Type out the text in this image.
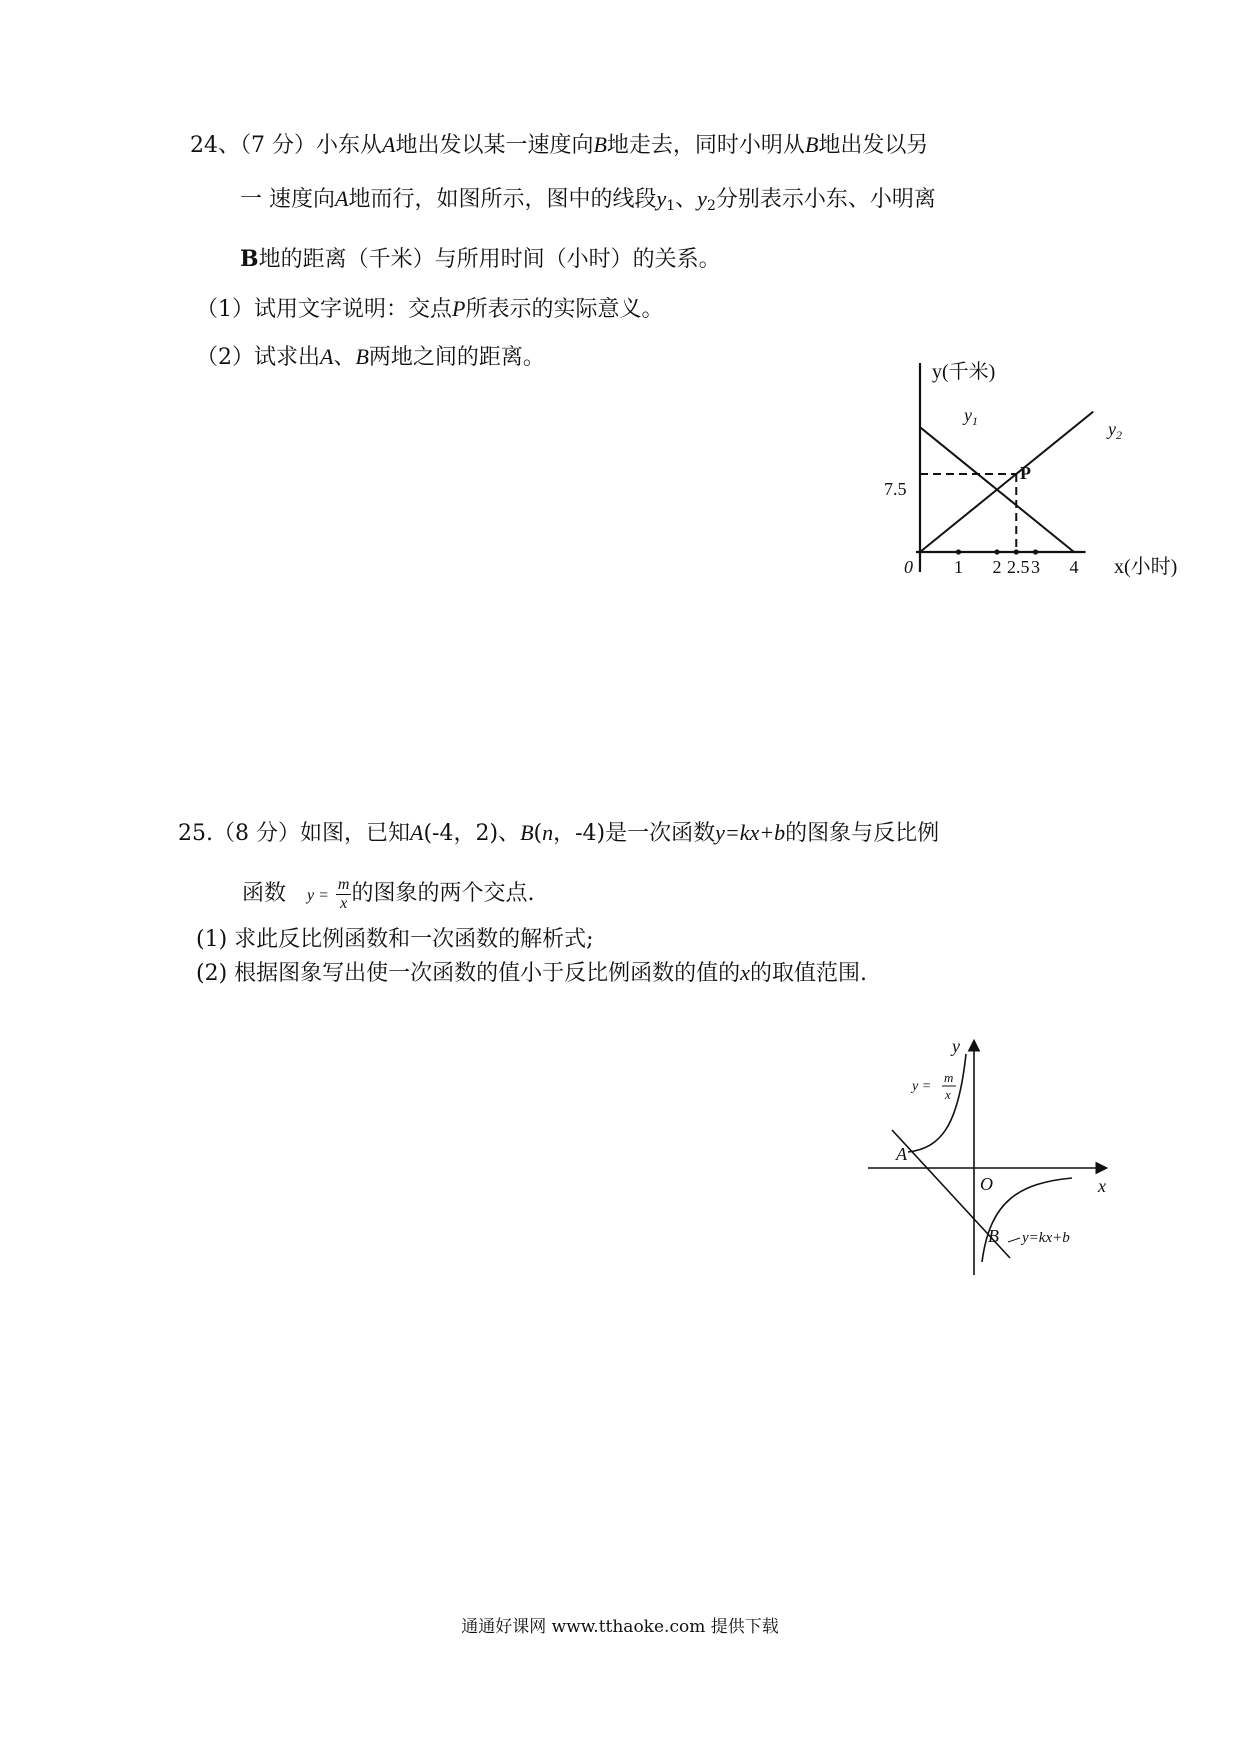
24、（7 分）小东从A地出发以某一速度向B地走去，同时小明从B地出发以另
一 速度向A地而行，如图所示，图中的线段$y_1$、$y_2$分别表示小东、小明离
B地的距离（千米）与所用时间（小时）的关系。
（1）试用文字说明：交点P所表示的实际意义。
（2）试求出A、B两地之间的距离。
y(千米)
x(小时)
0
7.5
P
$y_1$	$y_2$
1 2 2.5 3 4
25.（8 分）如图，已知A(-4，2)、B(n，-4)是一次函数y=kx+b的图象与反比例
函数 $y = \frac{m}{x}$ 的图象的两个交点.
(1) 求此反比例函数和一次函数的解析式;
(2) 根据图象写出使一次函数的值小于反比例函数的值的x的取值范围.
y
x
O
A
B
y =
m
x
y=kx+b
通通好课网 www.tthaoke.com 提供下载
